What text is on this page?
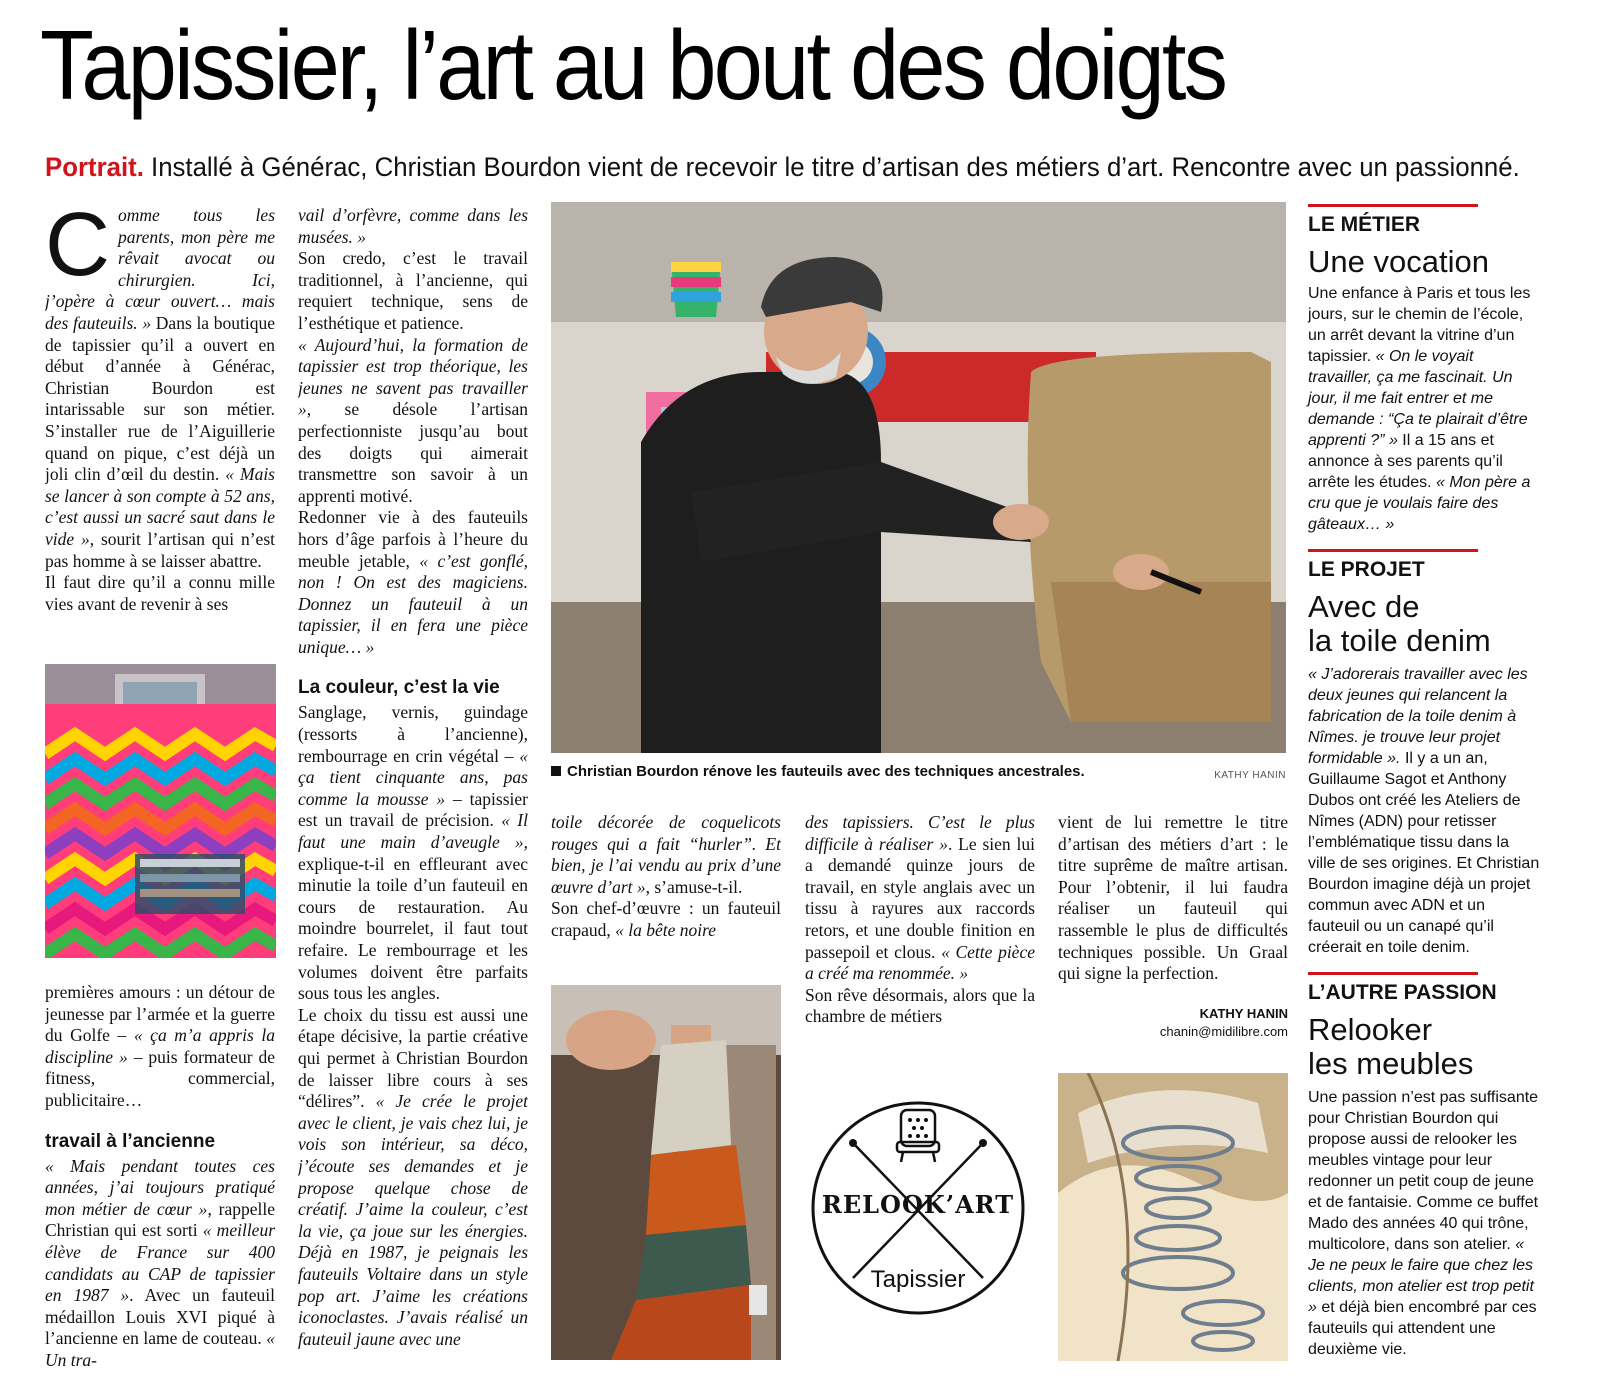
Tapissier, l’art au bout des doigts
Portrait. Installé à Générac, Christian Bourdon vient de recevoir le titre d’artisan des métiers d’art. Rencontre avec un passionné.

Comme tous les parents, mon père me rêvait avocat ou chirurgien. Ici, j’opère à cœur ouvert… mais des fauteuils. » Dans la boutique de tapissier qu’il a ouvert en début d’année à Générac, Christian Bourdon est intarissable sur son métier. S’installer rue de l’Aiguillerie quand on pique, c’est déjà un joli clin d’œil du destin. « Mais se lancer à son compte à 52 ans, c’est aussi un sacré saut dans le vide », sourit l’artisan qui n’est pas homme à se laisser abattre.

Il faut dire qu’il a connu mille vies avant de revenir à ses

premières amours : un détour de jeunesse par l’armée et la guerre du Golfe – « ça m’a appris la discipline » – puis formateur de fitness, commercial, publicitaire…

travail à l’ancienne

« Mais pendant toutes ces années, j’ai toujours pratiqué mon métier de cœur », rappelle Christian qui est sorti « meilleur élève de France sur 400 candidats au CAP de tapissier en 1987 ». Avec un fauteuil médaillon Louis XVI piqué à l’ancienne en lame de couteau. « Un tra-

vail d’orfèvre, comme dans les musées. »

Son credo, c’est le travail traditionnel, à l’ancienne, qui requiert technique, sens de l’esthétique et patience.

« Aujourd’hui, la formation de tapissier est trop théorique, les jeunes ne savent pas travailler », se désole l’artisan perfectionniste jusqu’au bout des doigts qui aimerait transmettre son savoir à un apprenti motivé.

Redonner vie à des fauteuils hors d’âge parfois à l’heure du meuble jetable, « c’est gonflé, non ! On est des magiciens. Donnez un fauteuil à un tapissier, il en fera une pièce unique… »

La couleur, c’est la vie

Sanglage, vernis, guindage (ressorts à l’ancienne), rembourrage en crin végétal – « ça tient cinquante ans, pas comme la mousse » – tapissier est un travail de précision. « Il faut une main d’aveugle », explique-t-il en effleurant avec minutie la toile d’un fauteuil en cours de restauration. Au moindre bourrelet, il faut tout refaire. Le rembourrage et les volumes doivent être parfaits sous tous les angles.

Le choix du tissu est aussi une étape décisive, la partie créative qui permet à Christian Bourdon de laisser libre cours à ses “délires”. « Je crée le projet avec le client, je vais chez lui, je vois son intérieur, sa déco, j’écoute ses demandes et je propose quelque chose de créatif. J’aime la couleur, c’est la vie, ça joue sur les énergies. Déjà en 1987, je peignais les fauteuils Voltaire dans un style pop art. J’aime les créations iconoclastes. J’avais réalisé un fauteuil jaune avec une

Christian Bourdon rénove les fauteuils avec des techniques ancestrales.	KATHY HANIN

toile décorée de coquelicots rouges qui a fait “hurler”. Et bien, je l’ai vendu au prix d’une œuvre d’art », s’amuse-t-il.

Son chef-d’œuvre : un fauteuil crapaud, « la bête noire

des tapissiers. C’est le plus difficile à réaliser ». Le sien lui a demandé quinze jours de travail, en style anglais avec un tissu à rayures aux raccords retors, et une double finition en passepoil et clous. « Cette pièce a créé ma renommée. »

Son rêve désormais, alors que la chambre de métiers

vient de lui remettre le titre d’artisan des métiers d’art : le titre suprême de maître artisan. Pour l’obtenir, il lui faudra réaliser un fauteuil qui rassemble le plus de difficultés techniques possible. Un Graal qui signe la perfection.

KATHY HANIN
chanin@midilibre.com
RELOOK’ART
Tapissier
LE MÉTIER
Une vocation

Une enfance à Paris et tous les jours, sur le chemin de l’école, un arrêt devant la vitrine d’un tapissier. « On le voyait travailler, ça me fascinait. Un jour, il me fait entrer et me demande : “Ça te plairait d’être apprenti ?” » Il a 15 ans et annonce à ses parents qu’il arrête les études. « Mon père a cru que je voulais faire des gâteaux… »

LE PROJET
Avec de
la toile denim

« J’adorerais travailler avec les deux jeunes qui relancent la fabrication de la toile denim à Nîmes. je trouve leur projet formidable ». Il y a un an, Guillaume Sagot et Anthony Dubos ont créé les Ateliers de Nîmes (ADN) pour retisser l’emblématique tissu dans la ville de ses origines. Et Christian Bourdon imagine déjà un projet commun avec ADN et un fauteuil ou un canapé qu’il créerait en toile denim.

L’AUTRE PASSION
Relooker
les meubles

Une passion n’est pas suffisante pour Christian Bourdon qui propose aussi de relooker les meubles vintage pour leur redonner un petit coup de jeune et de fantaisie. Comme ce buffet Mado des années 40 qui trône, multicolore, dans son atelier. « Je ne peux le faire que chez les clients, mon atelier est trop petit » et déjà bien encombré par ces fauteuils qui attendent une deuxième vie.
